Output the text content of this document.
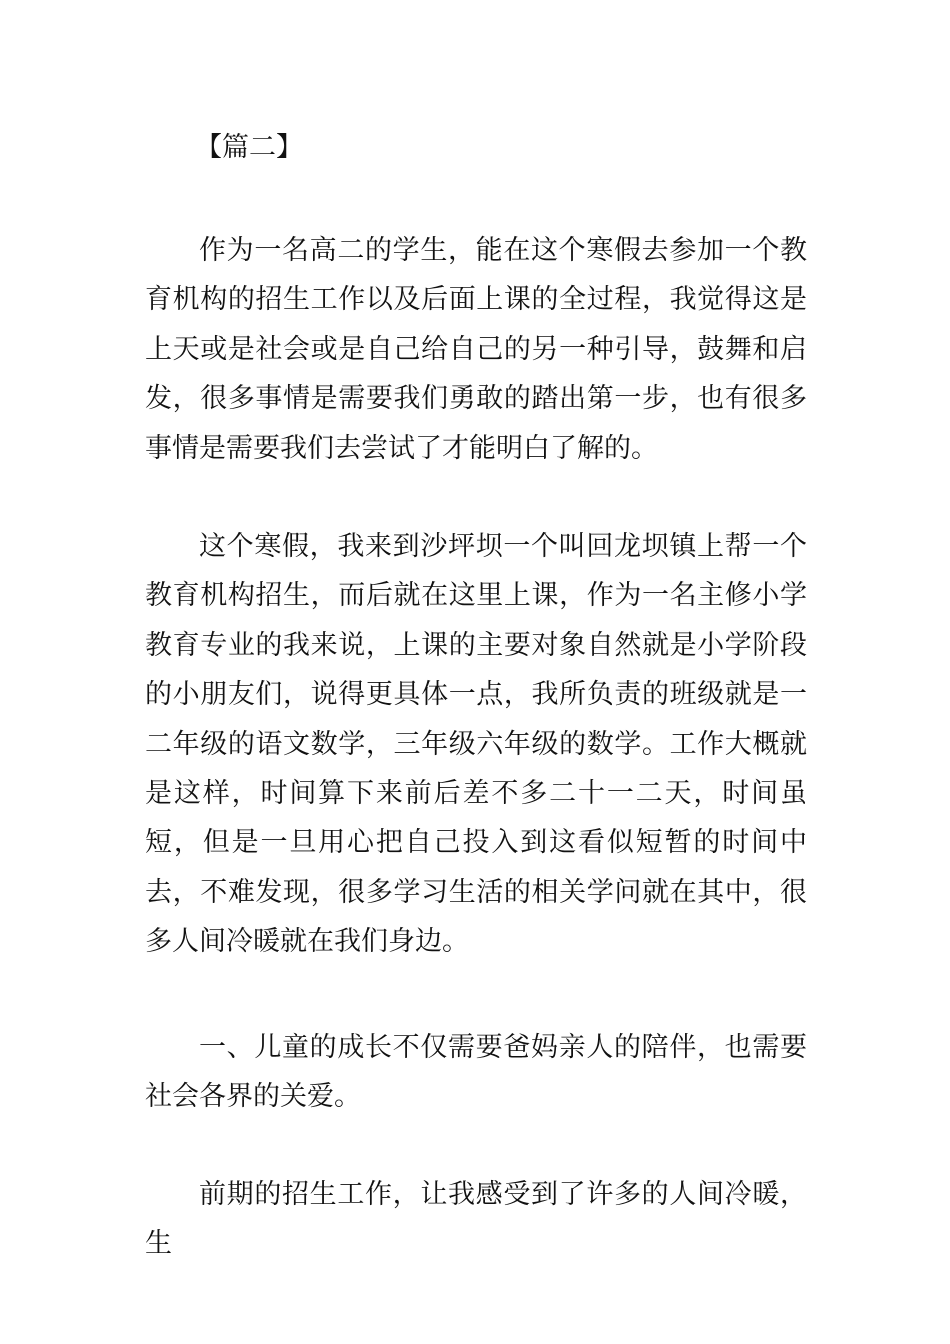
【篇二】

作为一名高二的学生，能在这个寒假去参加一个教育机构的招生工作以及后面上课的全过程，我觉得这是上天或是社会或是自己给自己的另一种引导，鼓舞和启发，很多事情是需要我们勇敢的踏出第一步，也有很多事情是需要我们去尝试了才能明白了解的。

这个寒假，我来到沙坪坝一个叫回龙坝镇上帮一个教育机构招生，而后就在这里上课，作为一名主修小学教育专业的我来说，上课的主要对象自然就是小学阶段的小朋友们，说得更具体一点，我所负责的班级就是一二年级的语文数学，三年级六年级的数学。工作大概就是这样，时间算下来前后差不多二十一二天，时间虽短，但是一旦用心把自己投入到这看似短暂的时间中去，不难发现，很多学习生活的相关学问就在其中，很多人间冷暖就在我们身边。

一、儿童的成长不仅需要爸妈亲人的陪伴，也需要社会各界的关爱。

前期的招生工作，让我感受到了许多的人间冷暖，生
